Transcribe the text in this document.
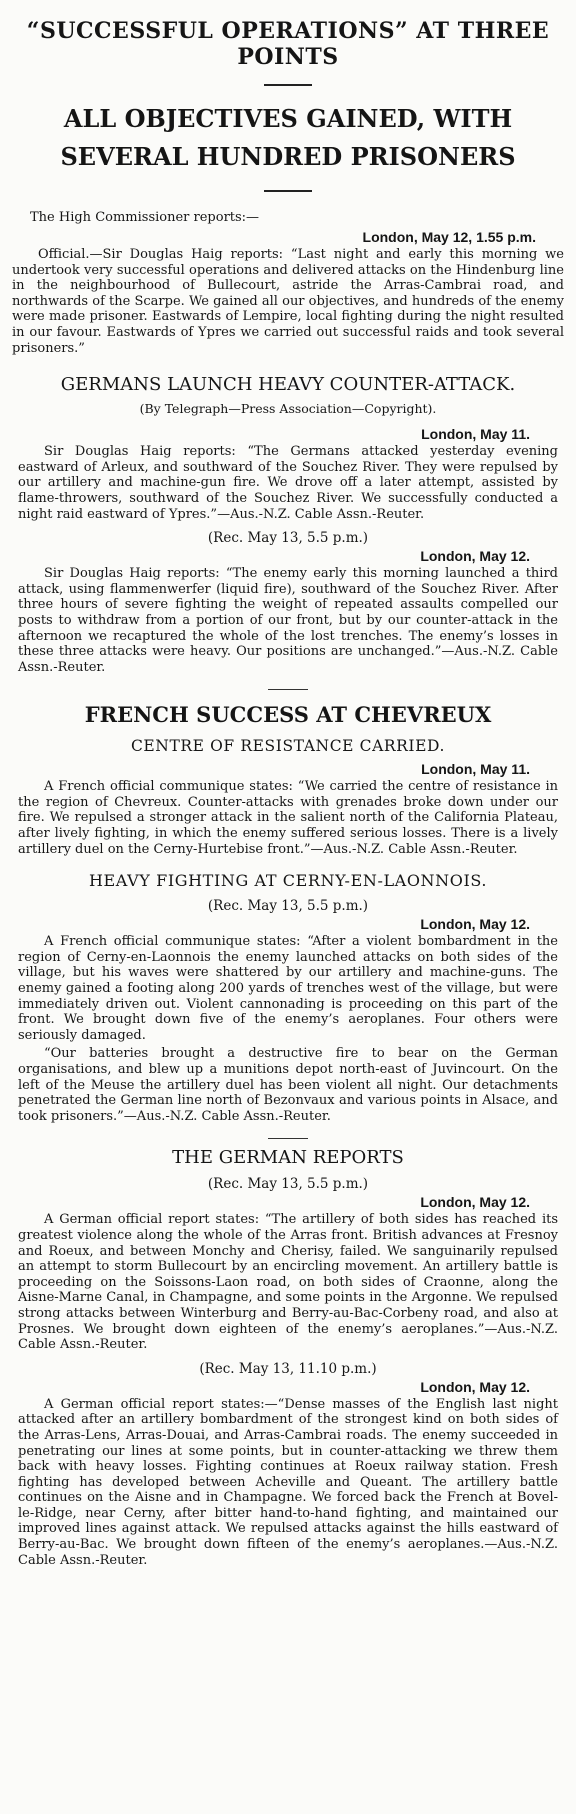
“SUCCESSFUL OPERATIONS” AT THREE POINTS
ALL OBJECTIVES GAINED, WITH SEVERAL HUNDRED PRISONERS
The High Commissioner reports:—
London, May 12, 1.55 p.m.

Official.—Sir Douglas Haig reports: “Last night and early this morning we undertook very successful operations and delivered attacks on the Hindenburg line in the neighbourhood of Bullecourt, astride the Arras-Cambrai road, and northwards of the Scarpe. We gained all our objectives, and hundreds of the enemy were made prisoner. Eastwards of Lempire, local fighting during the night resulted in our favour. Eastwards of Ypres we carried out successful raids and took several prisoners.”

GERMANS LAUNCH HEAVY COUNTER-ATTACK.
(By Telegraph—Press Association—Copyright).
London, May 11.

Sir Douglas Haig reports: “The Germans attacked yesterday evening eastward of Arleux, and southward of the Souchez River. They were repulsed by our artillery and machine-gun fire. We drove off a later attempt, assisted by flame-throwers, southward of the Souchez River. We successfully conducted a night raid eastward of Ypres.”—Aus.-N.Z. Cable Assn.-Reuter.

(Rec. May 13, 5.5 p.m.)
London, May 12.

Sir Douglas Haig reports: “The enemy early this morning launched a third attack, using flammenwerfer (liquid fire), southward of the Souchez River. After three hours of severe fighting the weight of repeated assaults compelled our posts to withdraw from a portion of our front, but by our counter-attack in the afternoon we recaptured the whole of the lost trenches. The enemy’s losses in these three attacks were heavy. Our positions are unchanged.”—Aus.-N.Z. Cable Assn.-Reuter.

FRENCH SUCCESS AT CHEVREUX
CENTRE OF RESISTANCE CARRIED.
London, May 11.

A French official communique states: “We carried the centre of resistance in the region of Chevreux. Counter-attacks with grenades broke down under our fire. We repulsed a stronger attack in the salient north of the California Plateau, after lively fighting, in which the enemy suffered serious losses. There is a lively artillery duel on the Cerny-Hurtebise front.”—Aus.-N.Z. Cable Assn.-Reuter.

HEAVY FIGHTING AT CERNY-EN-LAONNOIS.
(Rec. May 13, 5.5 p.m.)
London, May 12.

A French official communique states: “After a violent bombardment in the region of Cerny-en-Laonnois the enemy launched attacks on both sides of the village, but his waves were shattered by our artillery and machine-guns. The enemy gained a footing along 200 yards of trenches west of the village, but were immediately driven out. Violent cannonading is proceeding on this part of the front. We brought down five of the enemy’s aeroplanes. Four others were seriously damaged.

“Our batteries brought a destructive fire to bear on the German organisations, and blew up a munitions depot north-east of Juvincourt. On the left of the Meuse the artillery duel has been violent all night. Our detachments penetrated the German line north of Bezonvaux and various points in Alsace, and took prisoners.”—Aus.-N.Z. Cable Assn.-Reuter.

THE GERMAN REPORTS
(Rec. May 13, 5.5 p.m.)
London, May 12.

A German official report states: “The artillery of both sides has reached its greatest violence along the whole of the Arras front. British advances at Fresnoy and Roeux, and between Monchy and Cherisy, failed. We sanguinarily repulsed an attempt to storm Bullecourt by an encircling movement. An artillery battle is proceeding on the Soissons-Laon road, on both sides of Craonne, along the Aisne-Marne Canal, in Champagne, and some points in the Argonne. We repulsed strong attacks between Winterburg and Berry-au-Bac-Corbeny road, and also at Prosnes. We brought down eighteen of the enemy’s aeroplanes.”—Aus.-N.Z. Cable Assn.-Reuter.

(Rec. May 13, 11.10 p.m.)
London, May 12.

A German official report states:—“Dense masses of the English last night attacked after an artillery bombardment of the strongest kind on both sides of the Arras-Lens, Arras-Douai, and Arras-Cambrai roads. The enemy succeeded in penetrating our lines at some points, but in counter-attacking we threw them back with heavy losses. Fighting continues at Roeux railway station. Fresh fighting has developed between Acheville and Queant. The artillery battle continues on the Aisne and in Champagne. We forced back the French at Bovel-le-Ridge, near Cerny, after bitter hand-to-hand fighting, and maintained our improved lines against attack. We repulsed attacks against the hills eastward of Berry-au-Bac. We brought down fifteen of the enemy’s aeroplanes.—Aus.-N.Z. Cable Assn.-Reuter.
